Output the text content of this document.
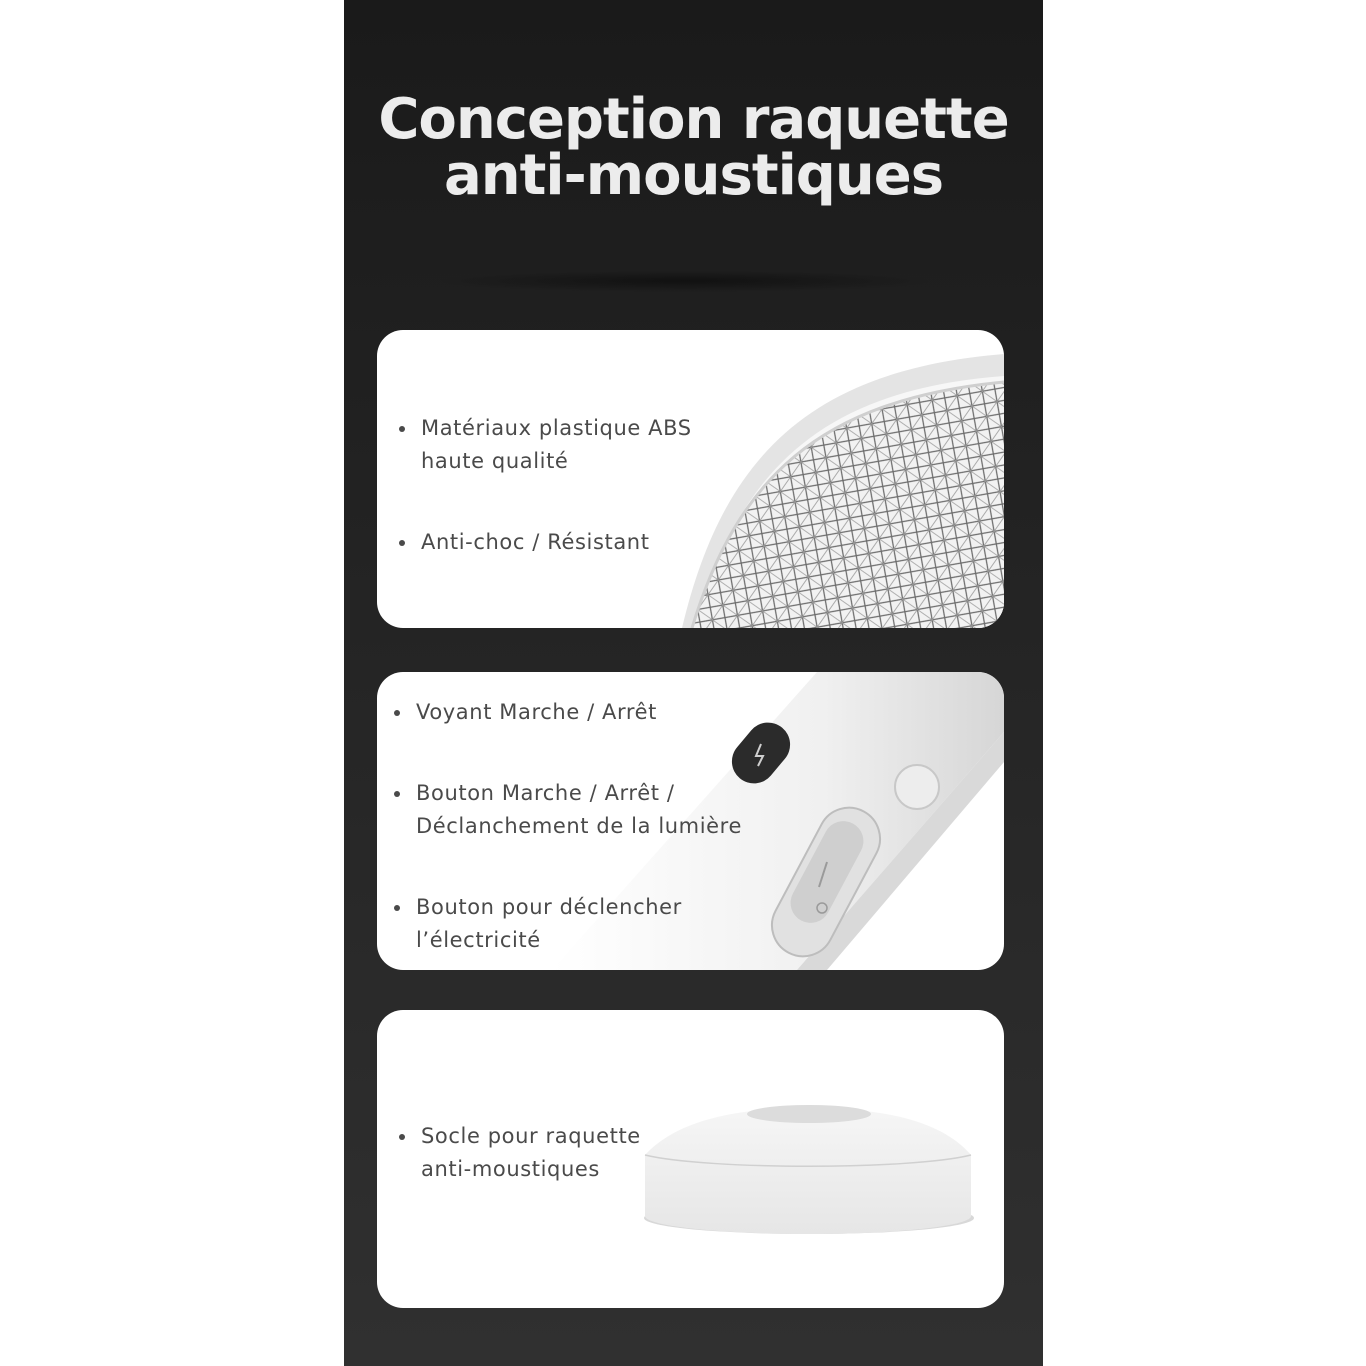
Conception raquette
anti-moustiques
Matériaux plastique ABS
haute qualité
Anti-choc / Résistant
Voyant Marche / Arrêt
Bouton Marche / Arrêt /
Déclanchement de la lumière
Bouton pour déclencher
l’électricité
Socle pour raquette
anti-moustiques
